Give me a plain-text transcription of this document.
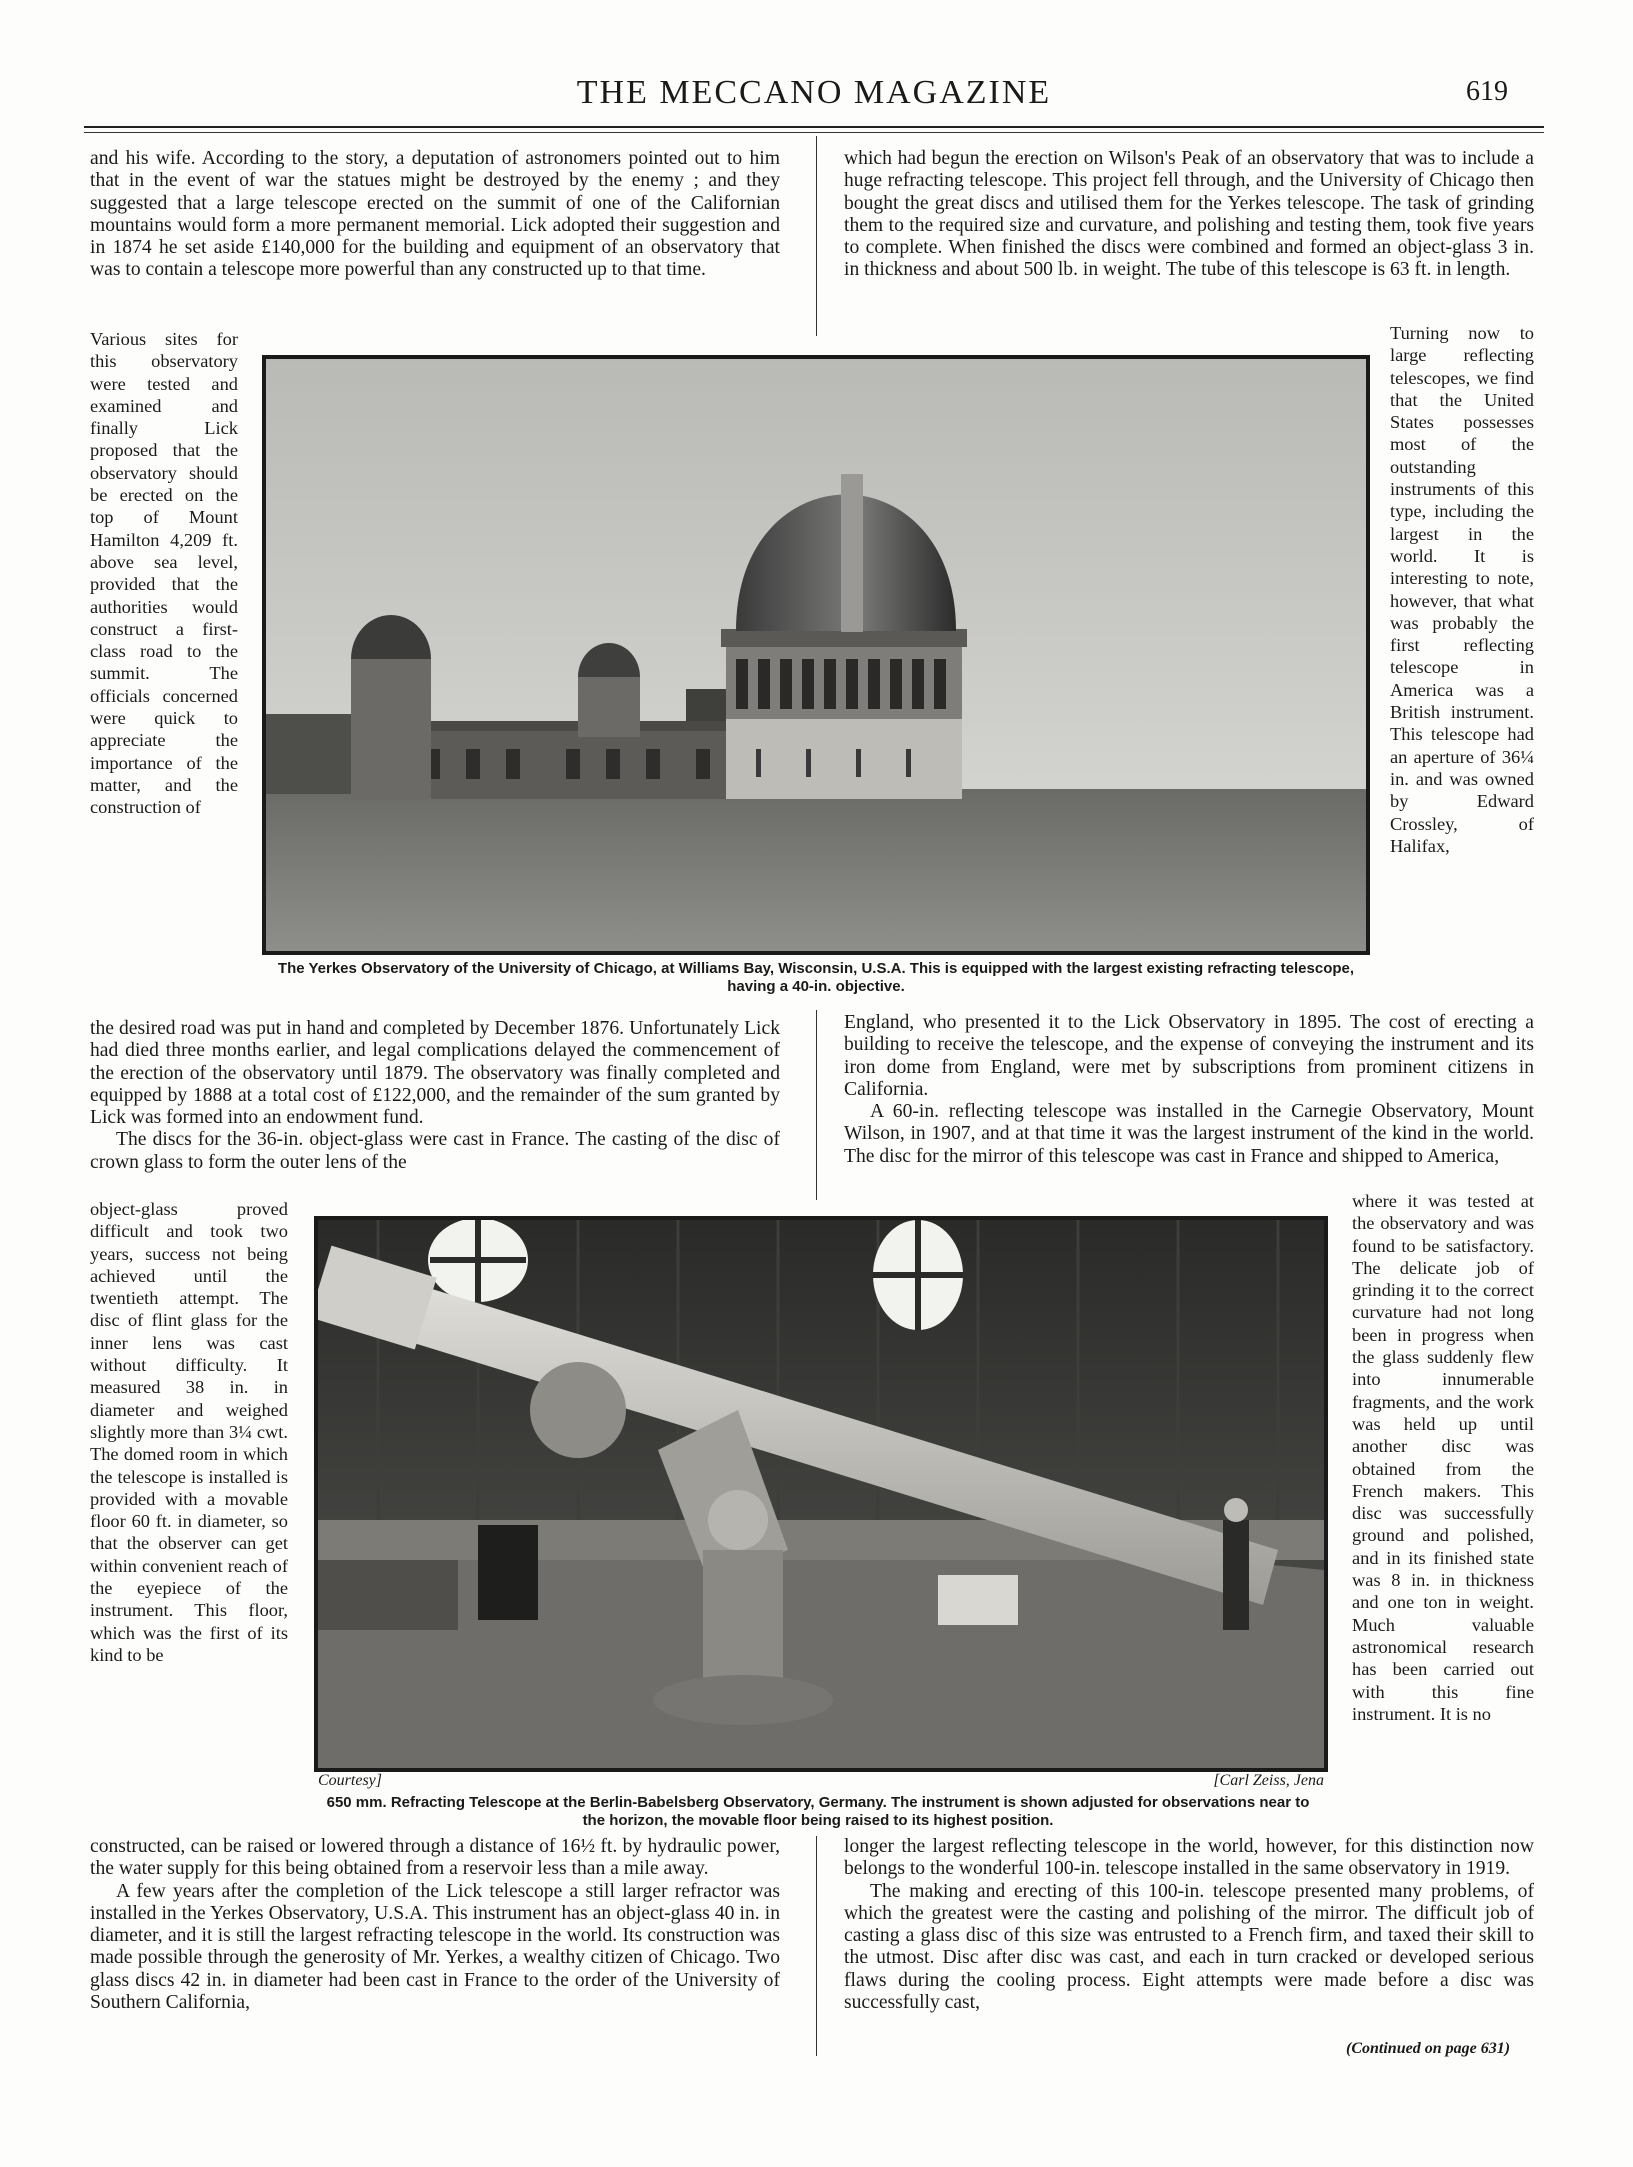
THE MECCANO MAGAZINE	619

and his wife. According to the story, a deputation of astronomers pointed out to him that in the event of war the statues might be destroyed by the enemy ; and they suggested that a large telescope erected on the summit of one of the Californian mountains would form a more permanent memorial. Lick adopted their suggestion and in 1874 he set aside £140,000 for the building and equipment of an observatory that was to contain a telescope more powerful than any constructed up to that time.

which had begun the erection on Wilson's Peak of an observatory that was to include a huge refracting telescope. This project fell through, and the University of Chicago then bought the great discs and utilised them for the Yerkes telescope. The task of grinding them to the required size and curvature, and polishing and testing them, took five years to complete. When finished the discs were combined and formed an object-glass 3 in. in thickness and about 500 lb. in weight. The tube of this telescope is 63 ft. in length.

Various sites for this observatory were tested and examined and finally Lick proposed that the observatory should be erected on the top of Mount Hamilton 4,209 ft. above sea level, provided that the authorities would construct a first-class road to the summit. The officials concerned were quick to appreciate the importance of the matter, and the construction of

The Yerkes Observatory of the University of Chicago, at Williams Bay, Wisconsin, U.S.A. This is equipped with the largest existing refracting telescope, having a 40-in. objective.

Turning now to large reflecting telescopes, we find that the United States possesses most of the outstanding instruments of this type, including the largest in the world. It is interesting to note, however, that what was probably the first reflecting telescope in America was a British instrument. This telescope had an aperture of 36¼ in. and was owned by Edward Crossley, of Halifax,

the desired road was put in hand and completed by December 1876. Unfortunately Lick had died three months earlier, and legal complications delayed the commencement of the erection of the observatory until 1879. The observatory was finally completed and equipped by 1888 at a total cost of £122,000, and the remainder of the sum granted by Lick was formed into an endowment fund.

The discs for the 36-in. object-glass were cast in France. The casting of the disc of crown glass to form the outer lens of the

England, who presented it to the Lick Observatory in 1895. The cost of erecting a building to receive the telescope, and the expense of conveying the instrument and its iron dome from England, were met by subscriptions from prominent citizens in California.

A 60-in. reflecting telescope was installed in the Carnegie Observatory, Mount Wilson, in 1907, and at that time it was the largest instrument of the kind in the world. The disc for the mirror of this telescope was cast in France and shipped to America,

object-glass proved difficult and took two years, success not being achieved until the twentieth attempt. The disc of flint glass for the inner lens was cast without difficulty. It measured 38 in. in diameter and weighed slightly more than 3¼ cwt. The domed room in which the telescope is installed is provided with a movable floor 60 ft. in diameter, so that the observer can get within convenient reach of the eyepiece of the instrument. This floor, which was the first of its kind to be

Courtesy]	[Carl Zeiss, Jena
650 mm. Refracting Telescope at the Berlin-Babelsberg Observatory, Germany. The instrument is shown adjusted for observations near to the horizon, the movable floor being raised to its highest position.

where it was tested at the observatory and was found to be satisfactory. The delicate job of grinding it to the correct curvature had not long been in progress when the glass suddenly flew into innumerable fragments, and the work was held up until another disc was obtained from the French makers. This disc was successfully ground and polished, and in its finished state was 8 in. in thickness and one ton in weight. Much valuable astronomical research has been carried out with this fine instrument. It is no

constructed, can be raised or lowered through a distance of 16½ ft. by hydraulic power, the water supply for this being obtained from a reservoir less than a mile away.

A few years after the completion of the Lick telescope a still larger refractor was installed in the Yerkes Observatory, U.S.A. This instrument has an object-glass 40 in. in diameter, and it is still the largest refracting telescope in the world. Its construction was made possible through the generosity of Mr. Yerkes, a wealthy citizen of Chicago. Two glass discs 42 in. in diameter had been cast in France to the order of the University of Southern California,

longer the largest reflecting telescope in the world, however, for this distinction now belongs to the wonderful 100-in. telescope installed in the same observatory in 1919.

The making and erecting of this 100-in. telescope presented many problems, of which the greatest were the casting and polishing of the mirror. The difficult job of casting a glass disc of this size was entrusted to a French firm, and taxed their skill to the utmost. Disc after disc was cast, and each in turn cracked or developed serious flaws during the cooling process. Eight attempts were made before a disc was successfully cast,

(Continued on page 631)
